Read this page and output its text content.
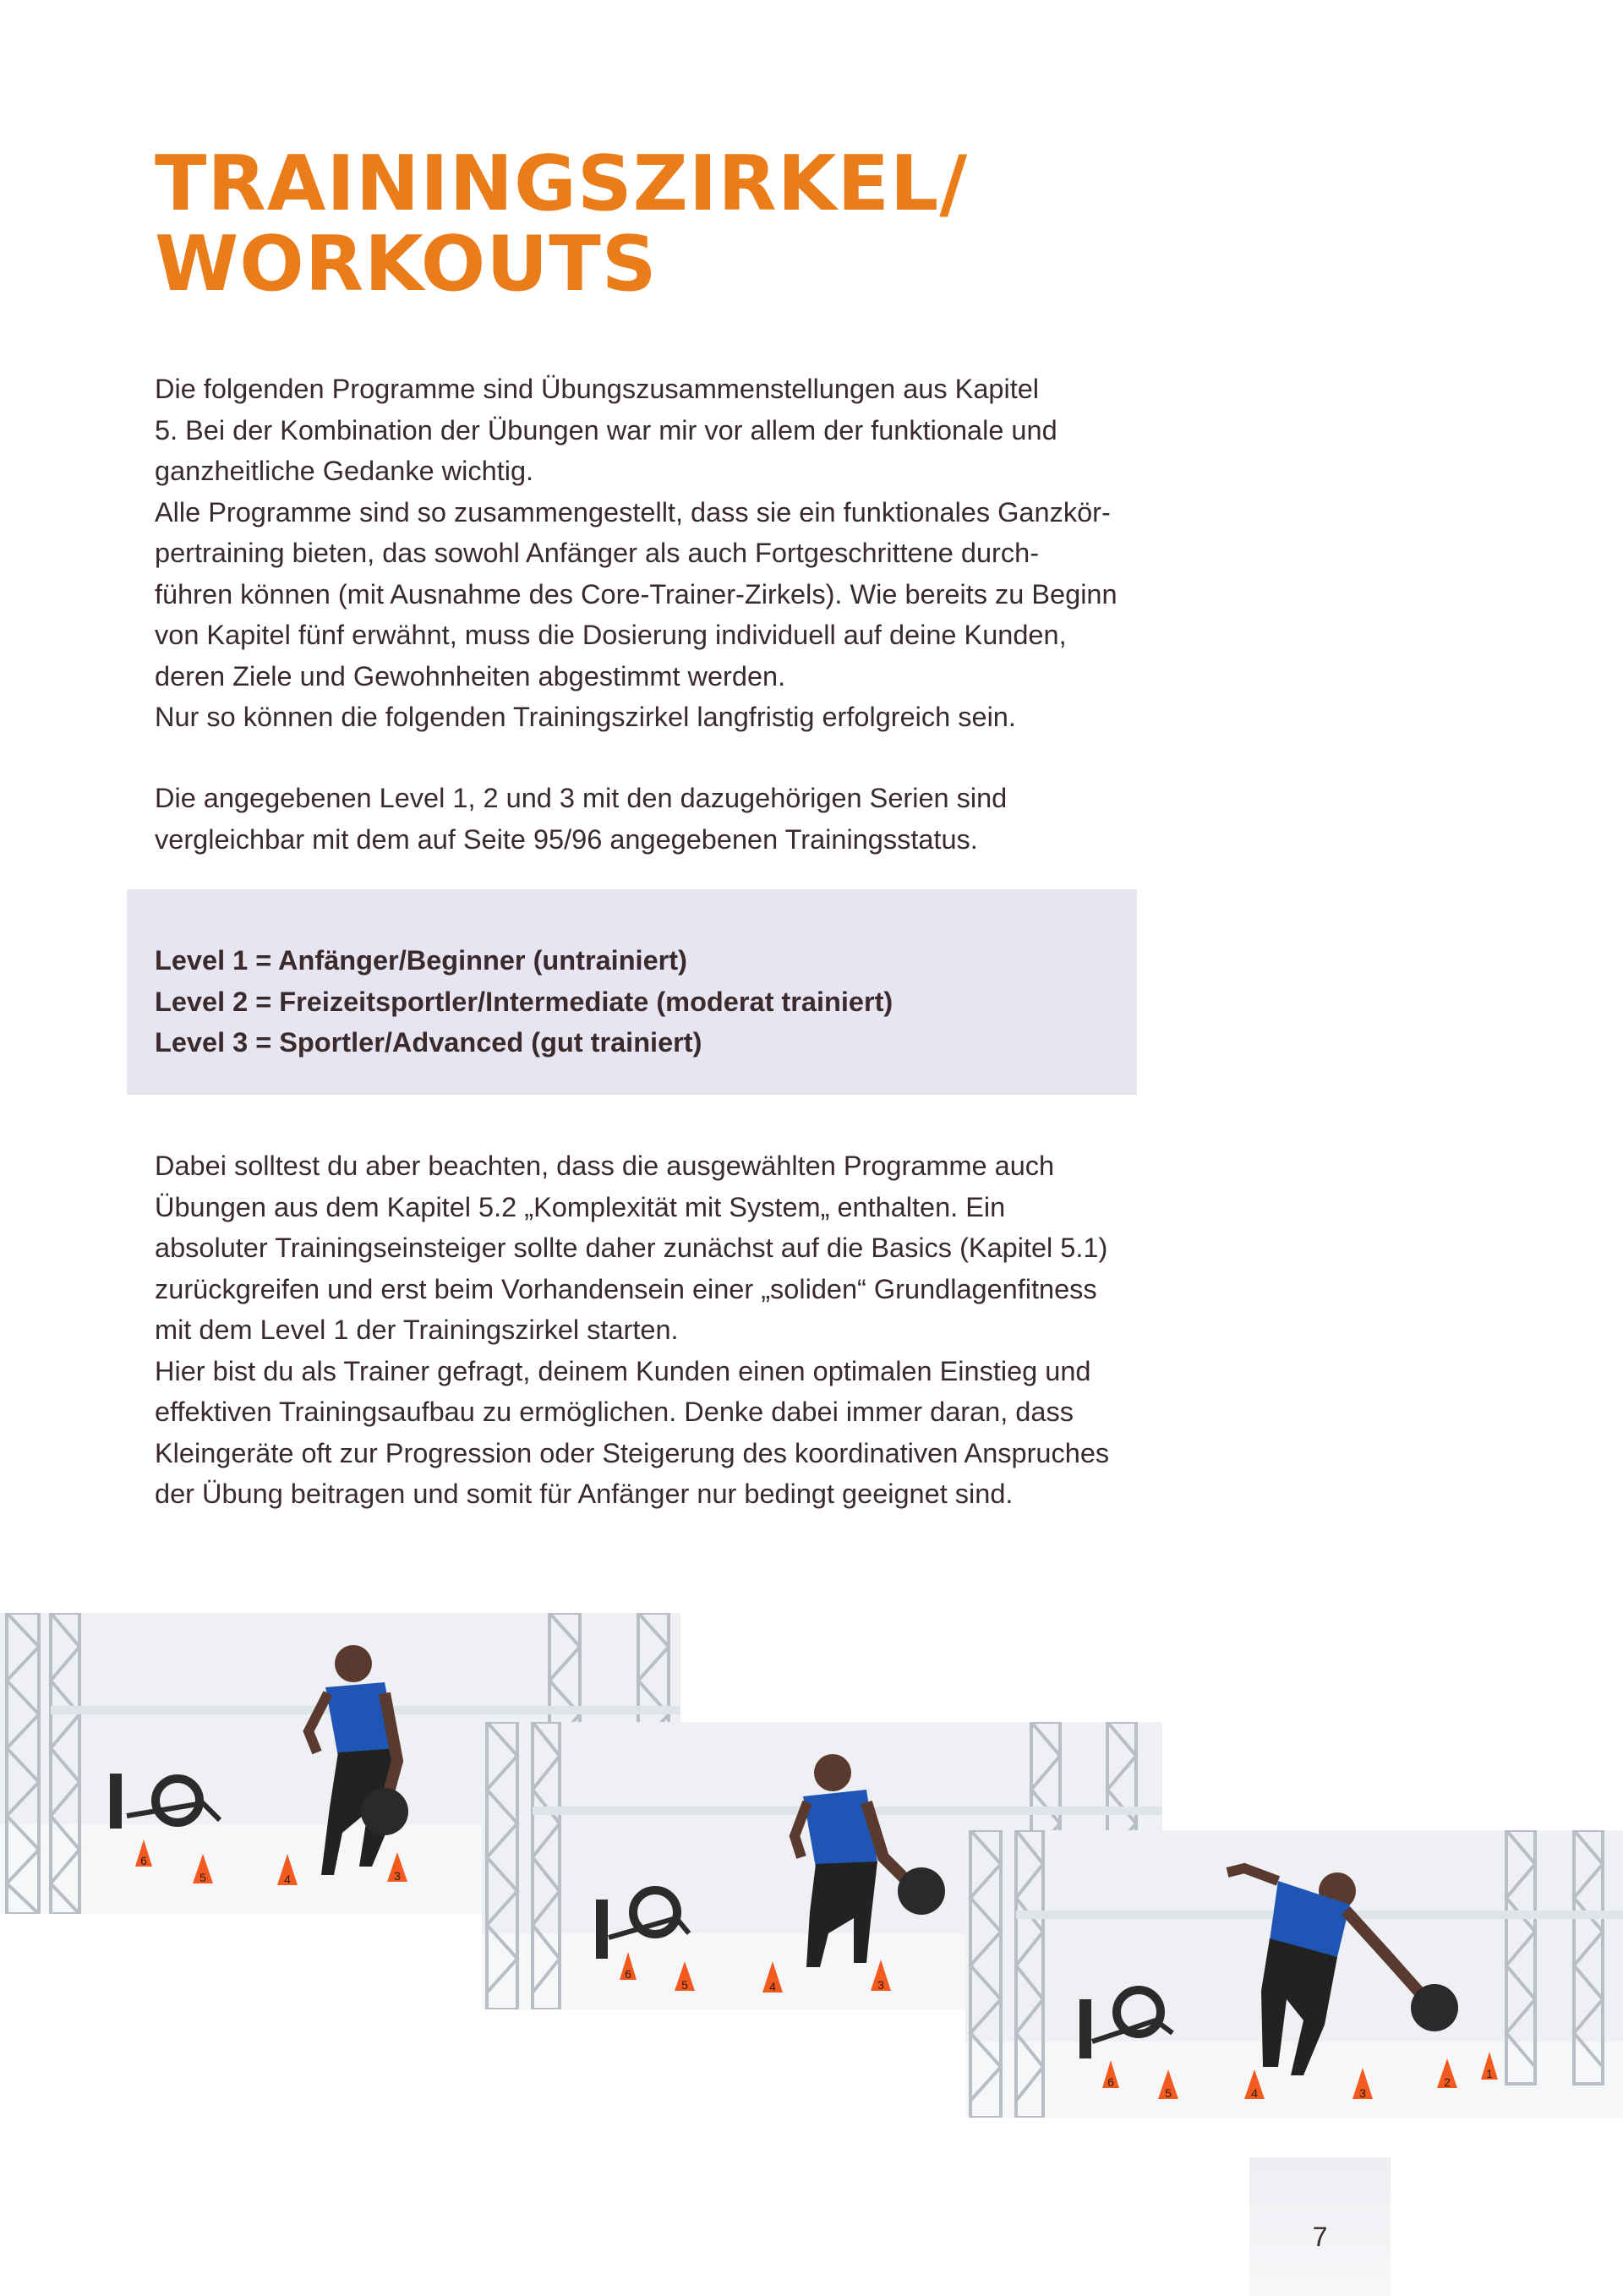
TRAININGSZIRKEL/
WORKOUTS

Die folgenden Programme sind Übungszusammenstellungen aus Kapitel

5. Bei der Kombination der Übungen war mir vor allem der funktionale und

ganzheitliche Gedanke wichtig.

Alle Programme sind so zusammengestellt, dass sie ein funktionales Ganzkör-

pertraining bieten, das sowohl Anfänger als auch Fortgeschrittene durch-

führen können (mit Ausnahme des Core-Trainer-Zirkels). Wie bereits zu Beginn

von Kapitel fünf erwähnt, muss die Dosierung individuell auf deine Kunden,

deren Ziele und Gewohnheiten abgestimmt werden.

Nur so können die folgenden Trainingszirkel langfristig erfolgreich sein.

Die angegebenen Level 1, 2 und 3 mit den dazugehörigen Serien sind

vergleichbar mit dem auf Seite 95/96 angegebenen Trainingsstatus.

Level 1 = Anfänger/Beginner (untrainiert)

Level 2 = Freizeitsportler/Intermediate (moderat trainiert)

Level 3 = Sportler/Advanced (gut trainiert)

Dabei solltest du aber beachten, dass die ausgewählten Programme auch

Übungen aus dem Kapitel 5.2 „Komplexität mit System„ enthalten. Ein

absoluter Trainingseinsteiger sollte daher zunächst auf die Basics (Kapitel 5.1)

zurückgreifen und erst beim Vorhandensein einer „soliden“ Grundlagenfitness

mit dem Level 1 der Trainingszirkel starten.

Hier bist du als Trainer gefragt, deinem Kunden einen optimalen Einstieg und

effektiven Trainingsaufbau zu ermöglichen. Denke dabei immer daran, dass

Kleingeräte oft zur Progression oder Steigerung des koordinativen Anspruches

der Übung beitragen und somit für Anfänger nur bedingt geeignet sind.

6
5	4	3
6
5	4	3
6
5	4	3
2
1
7
